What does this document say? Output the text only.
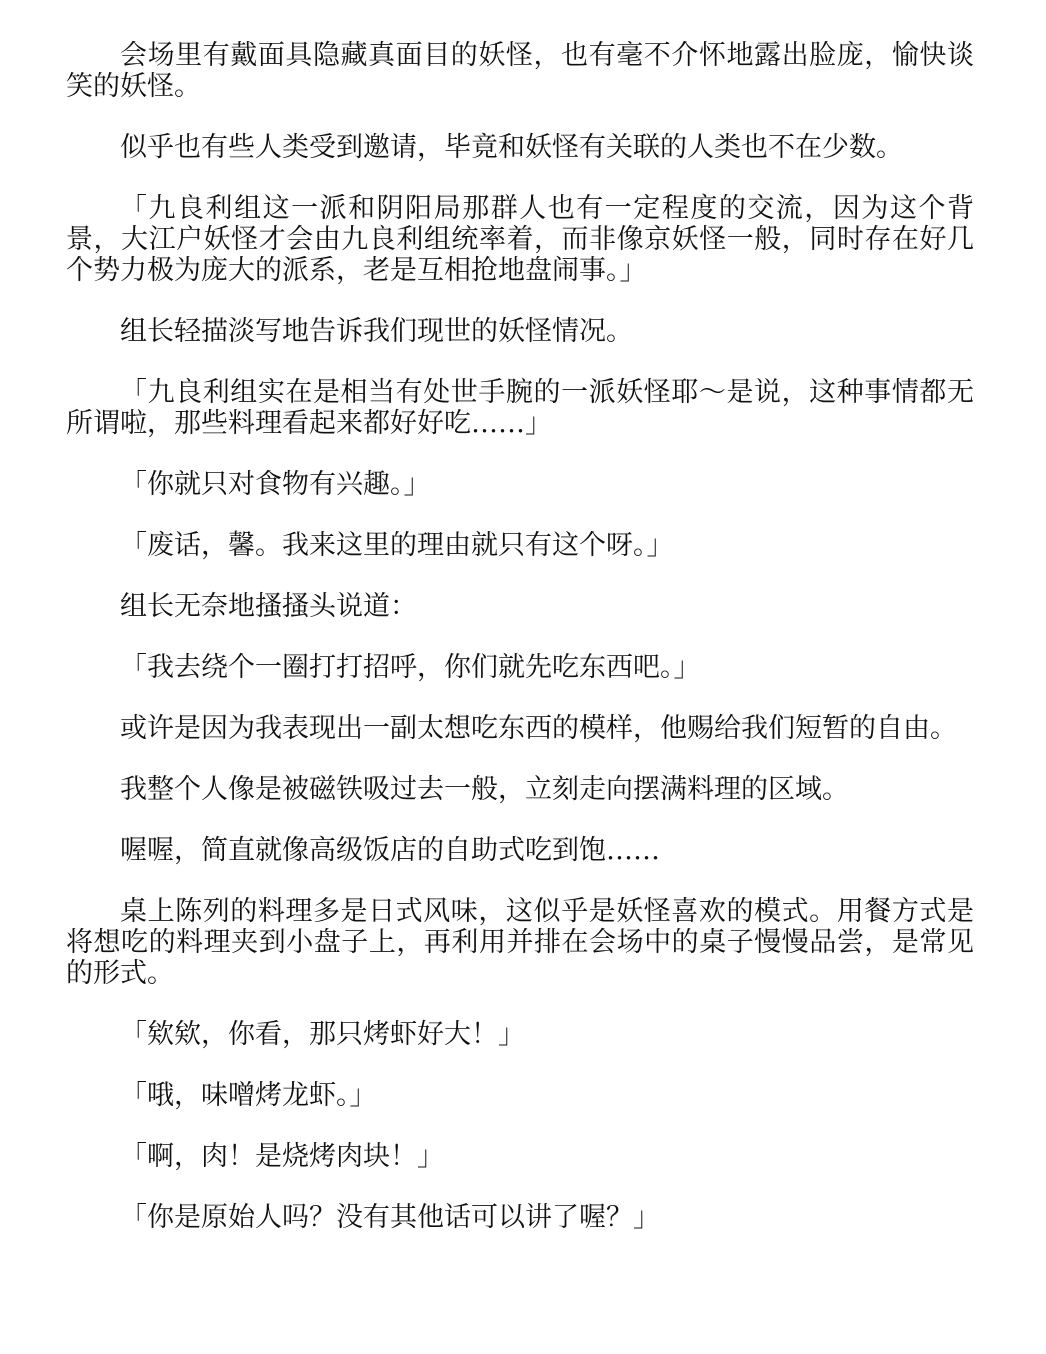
会场里有戴面具隐藏真面目的妖怪，也有毫不介怀地露出脸庞，愉快谈笑的妖怪。

似乎也有些人类受到邀请，毕竟和妖怪有关联的人类也不在少数。

「九良利组这一派和阴阳局那群人也有一定程度的交流，因为这个背景，大江户妖怪才会由九良利组统率着，而非像京妖怪一般，同时存在好几个势力极为庞大的派系，老是互相抢地盘闹事。」

组长轻描淡写地告诉我们现世的妖怪情况。

「九良利组实在是相当有处世手腕的一派妖怪耶～是说，这种事情都无所谓啦，那些料理看起来都好好吃……」

「你就只对食物有兴趣。」

「废话，馨。我来这里的理由就只有这个呀。」

组长无奈地搔搔头说道：

「我去绕个一圈打打招呼，你们就先吃东西吧。」

或许是因为我表现出一副太想吃东西的模样，他赐给我们短暂的自由。

我整个人像是被磁铁吸过去一般，立刻走向摆满料理的区域。

喔喔，简直就像高级饭店的自助式吃到饱……

桌上陈列的料理多是日式风味，这似乎是妖怪喜欢的模式。用餐方式是将想吃的料理夹到小盘子上，再利用并排在会场中的桌子慢慢品尝，是常见的形式。

「欸欸，你看，那只烤虾好大！」

「哦，味噌烤龙虾。」

「啊，肉！是烧烤肉块！」

「你是原始人吗？没有其他话可以讲了喔？」
